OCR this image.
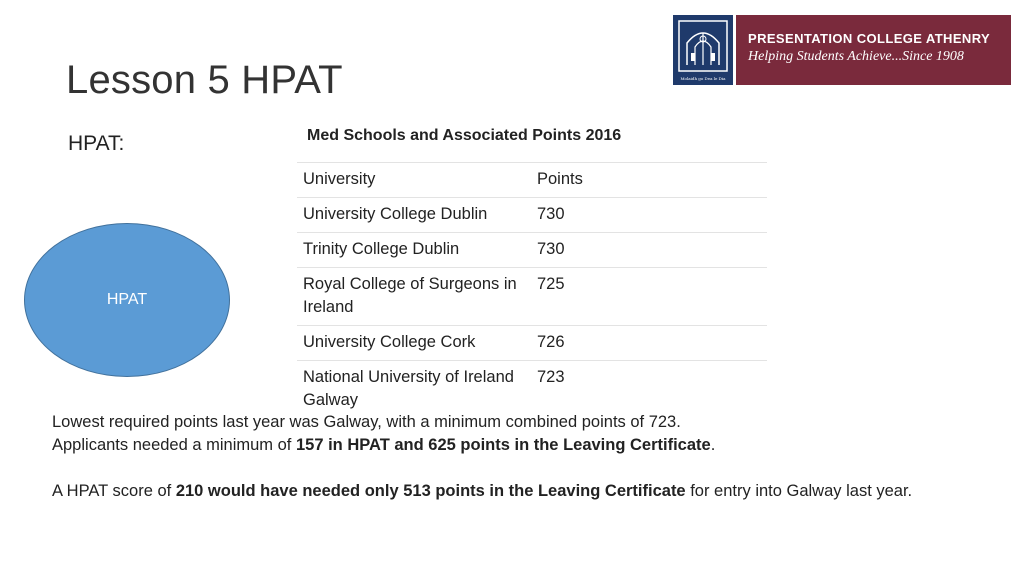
Lesson 5 HPAT
HPAT:
Molaidh go Dea le Dia
PRESENTATION COLLEGE ATHENRY
Helping Students Achieve...Since 1908
Med Schools and Associated Points 2016
University	Points
University College Dublin	730
Trinity College Dublin	730
Royal College of Surgeons in Ireland	725
University College Cork	726
National University of Ireland Galway	723
HPAT

Lowest required points last year was Galway, with a minimum combined points of 723.

Applicants needed a minimum of 157 in HPAT and 625 points in the Leaving Certificate.

A HPAT score of 210 would have needed only 513 points in the Leaving Certificate for entry into Galway last year.
